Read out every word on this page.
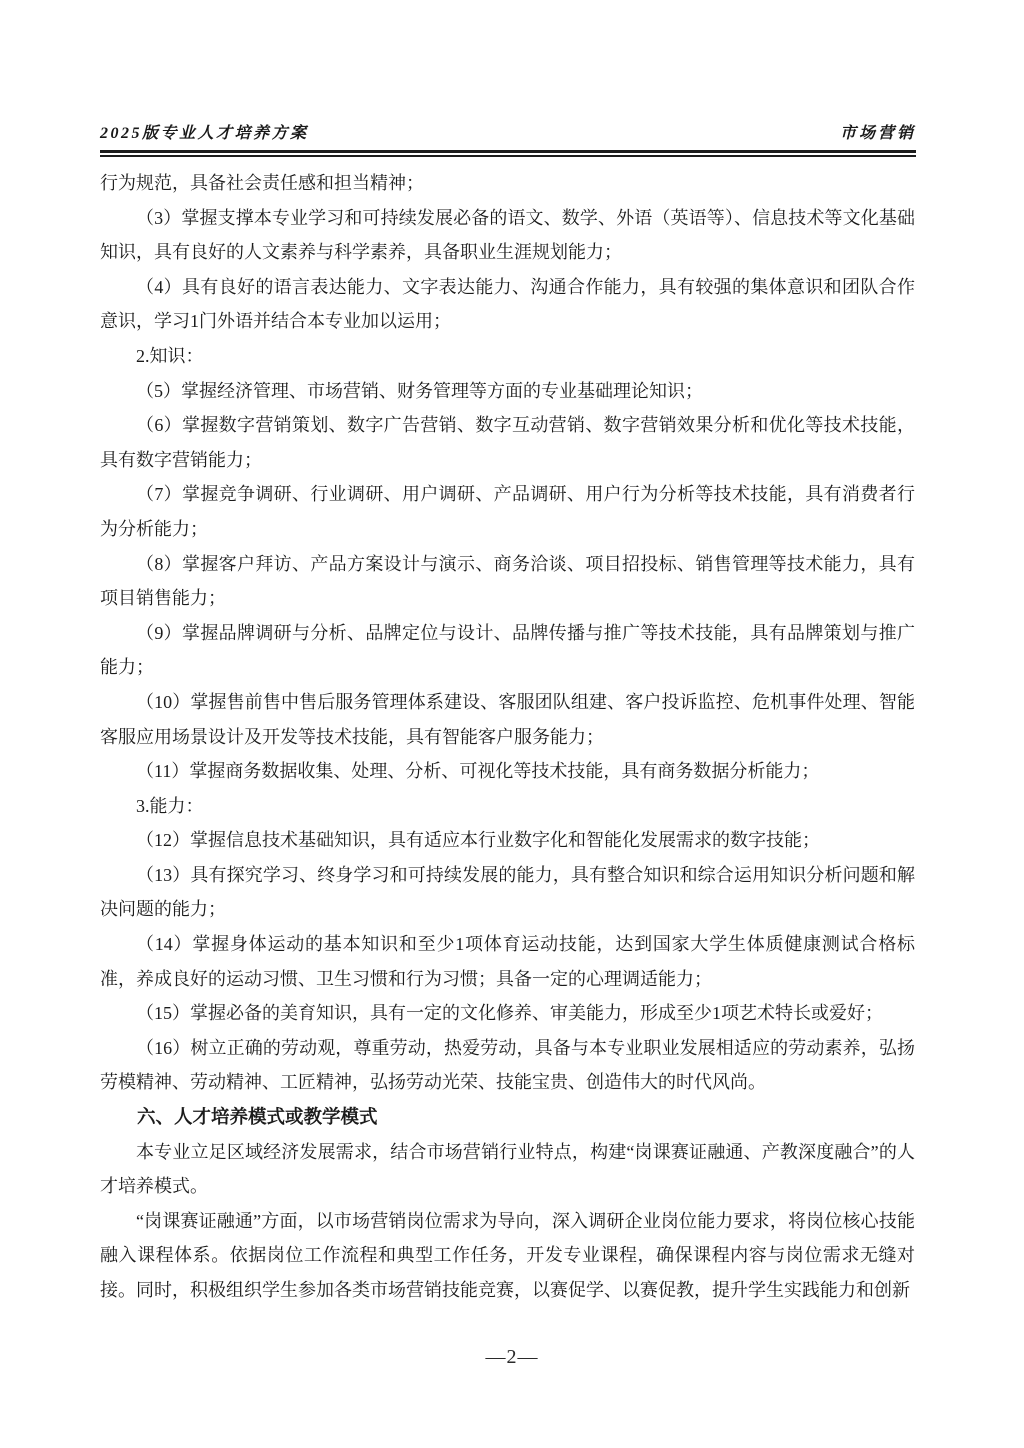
2025版专业人才培养方案	市场营销

行为规范，具备社会责任感和担当精神；

（3）掌握支撑本专业学习和可持续发展必备的语文、数学、外语（英语等）、信息技术等文化基础知识，具有良好的人文素养与科学素养，具备职业生涯规划能力；

（4）具有良好的语言表达能力、文字表达能力、沟通合作能力，具有较强的集体意识和团队合作意识，学习1门外语并结合本专业加以运用；

2.知识：

（5）掌握经济管理、市场营销、财务管理等方面的专业基础理论知识；

（6）掌握数字营销策划、数字广告营销、数字互动营销、数字营销效果分析和优化等技术技能，具有数字营销能力；

（7）掌握竞争调研、行业调研、用户调研、产品调研、用户行为分析等技术技能，具有消费者行为分析能力；

（8）掌握客户拜访、产品方案设计与演示、商务洽谈、项目招投标、销售管理等技术能力，具有项目销售能力；

（9）掌握品牌调研与分析、品牌定位与设计、品牌传播与推广等技术技能，具有品牌策划与推广能力；

（10）掌握售前售中售后服务管理体系建设、客服团队组建、客户投诉监控、危机事件处理、智能客服应用场景设计及开发等技术技能，具有智能客户服务能力；

（11）掌握商务数据收集、处理、分析、可视化等技术技能，具有商务数据分析能力；

3.能力：

（12）掌握信息技术基础知识，具有适应本行业数字化和智能化发展需求的数字技能；

（13）具有探究学习、终身学习和可持续发展的能力，具有整合知识和综合运用知识分析问题和解决问题的能力；

（14）掌握身体运动的基本知识和至少1项体育运动技能，达到国家大学生体质健康测试合格标准，养成良好的运动习惯、卫生习惯和行为习惯；具备一定的心理调适能力；

（15）掌握必备的美育知识，具有一定的文化修养、审美能力，形成至少1项艺术特长或爱好；

（16）树立正确的劳动观，尊重劳动，热爱劳动，具备与本专业职业发展相适应的劳动素养，弘扬劳模精神、劳动精神、工匠精神，弘扬劳动光荣、技能宝贵、创造伟大的时代风尚。

六、人才培养模式或教学模式

本专业立足区域经济发展需求，结合市场营销行业特点，构建“岗课赛证融通、产教深度融合”的人才培养模式。

“岗课赛证融通”方面，以市场营销岗位需求为导向，深入调研企业岗位能力要求，将岗位核心技能融入课程体系。依据岗位工作流程和典型工作任务，开发专业课程，确保课程内容与岗位需求无缝对接。同时，积极组织学生参加各类市场营销技能竞赛，以赛促学、以赛促教，提升学生实践能力和创新

—2—
